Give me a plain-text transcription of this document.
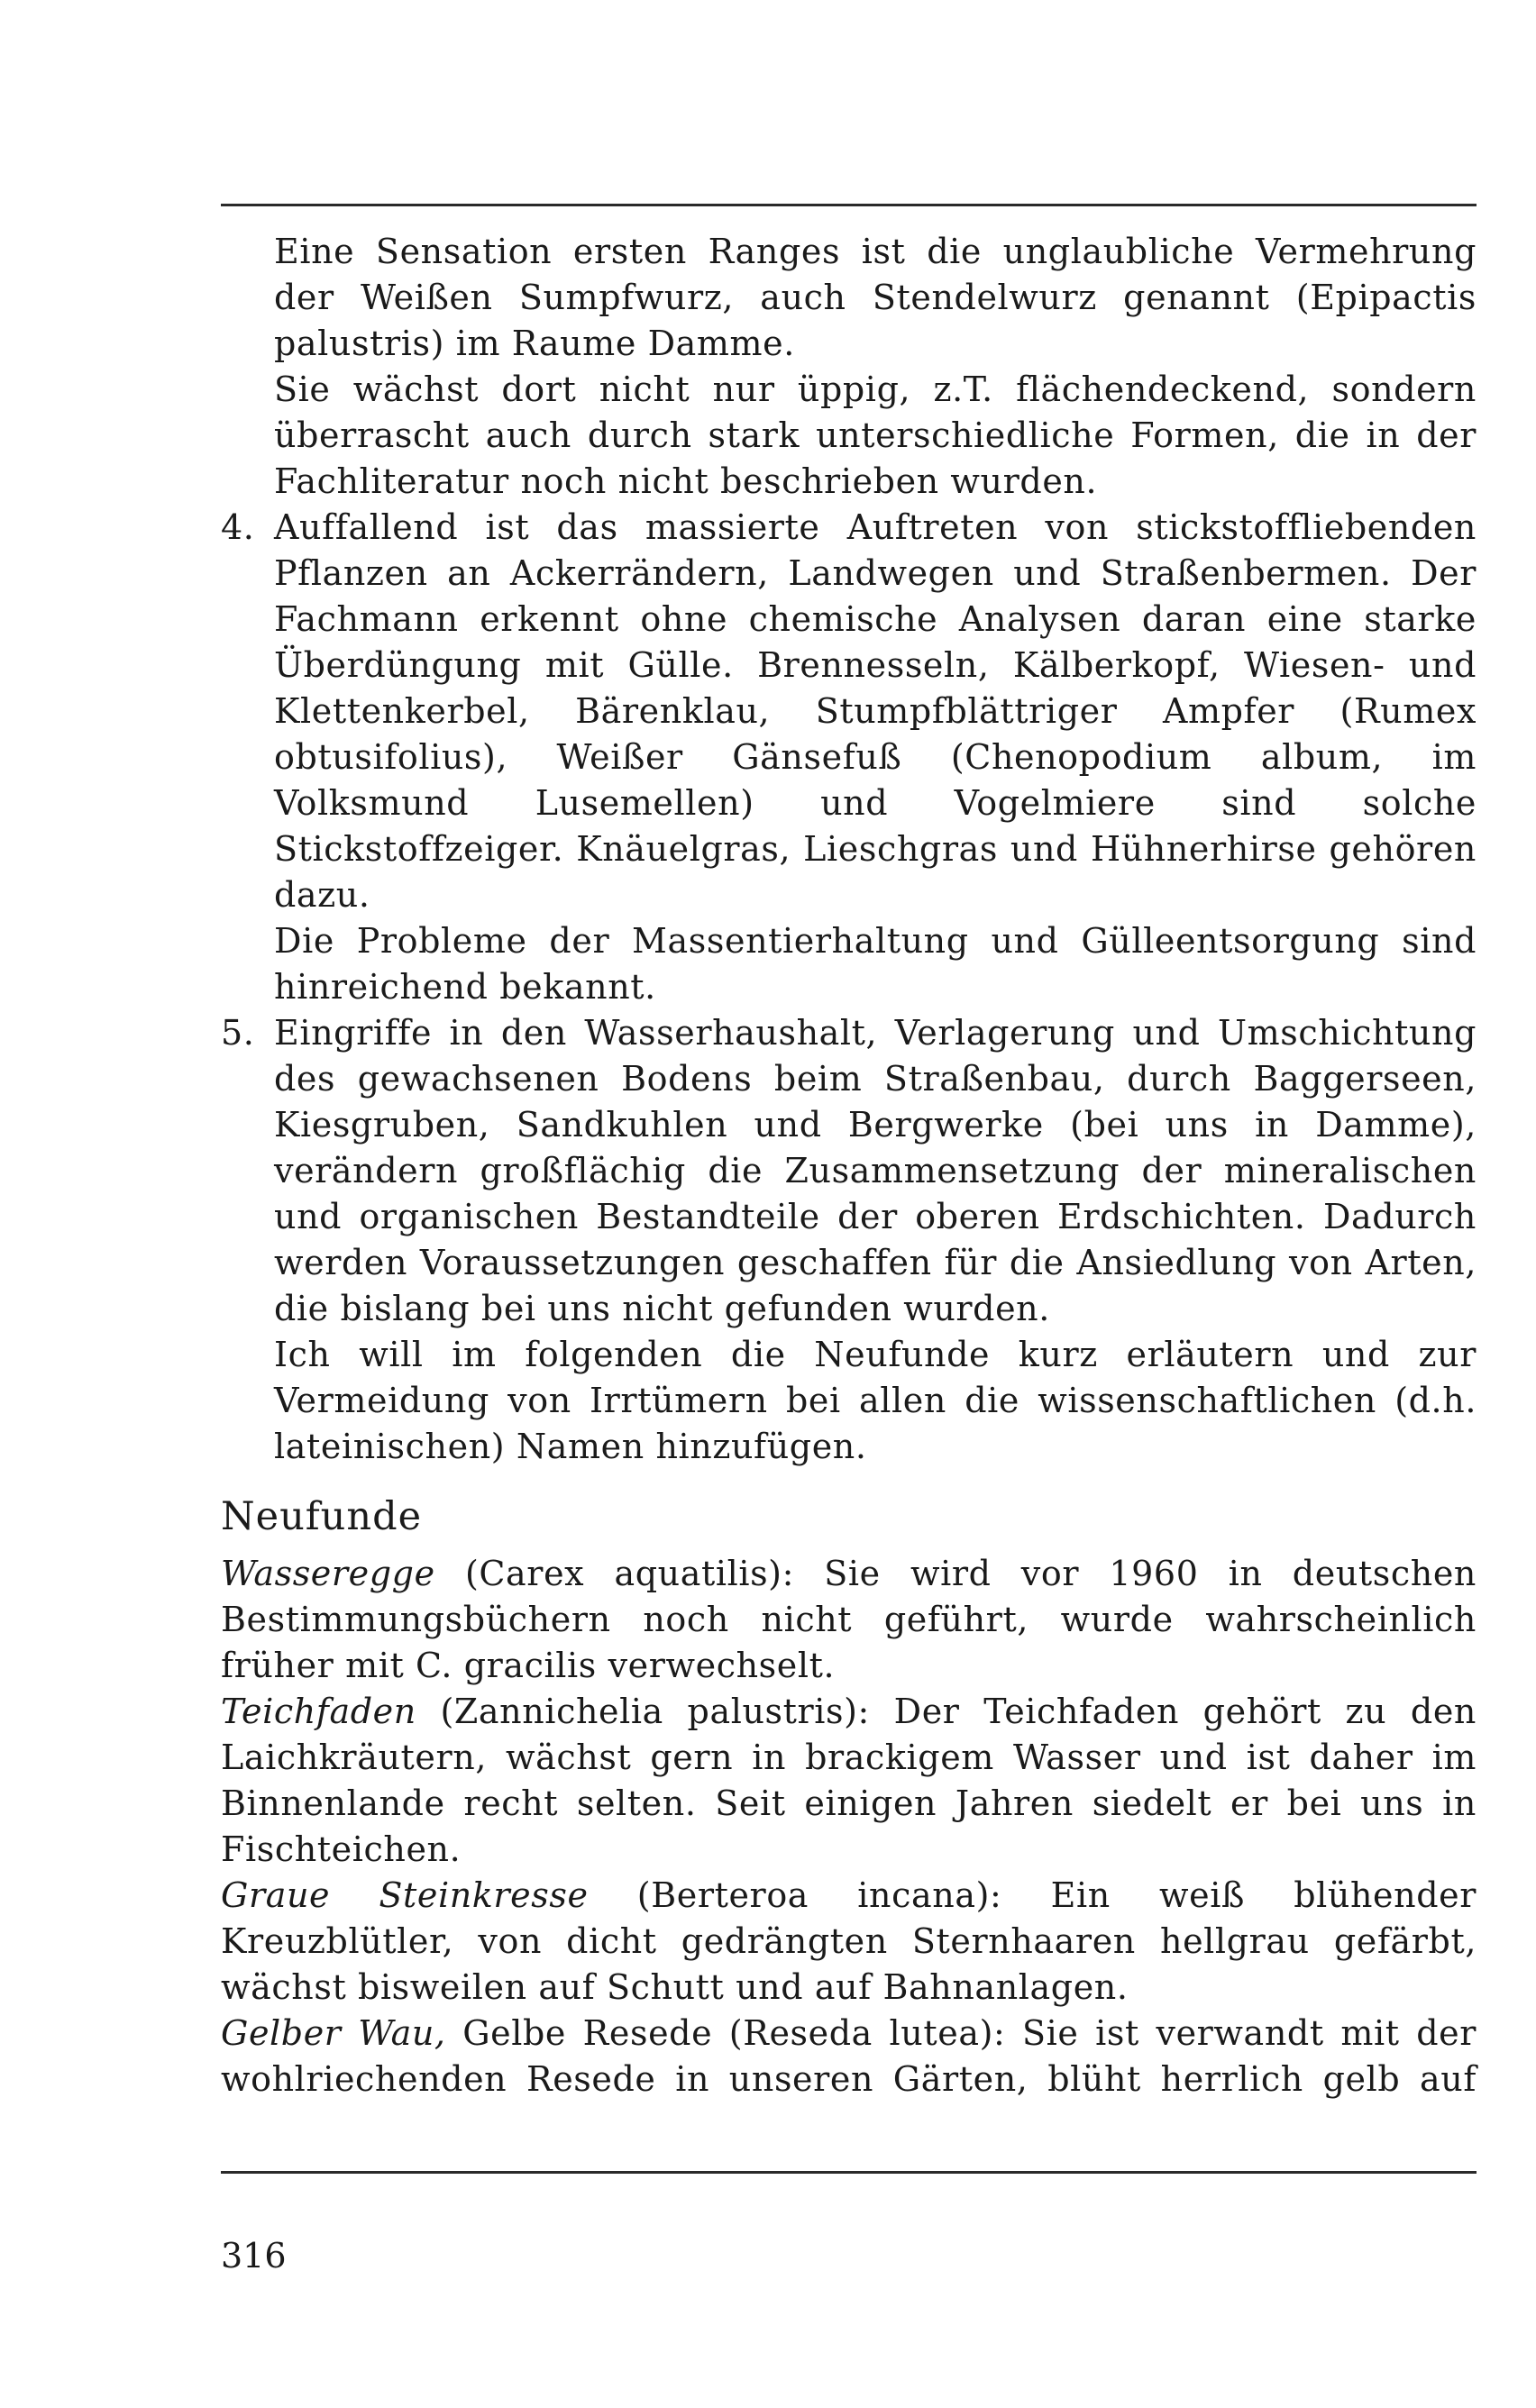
Eine Sensation ersten Ranges ist die unglaubliche Vermehrung der Weißen Sumpfwurz, auch Stendelwurz genannt (Epipactis palustris) im Raume Damme.

Sie wächst dort nicht nur üppig, z.T. flächendeckend, sondern überrascht auch durch stark unterschiedliche Formen, die in der Fachliteratur noch nicht beschrieben wurden.

4. Auffallend ist das massierte Auftreten von stickstoffliebenden Pflanzen an Ackerrändern, Landwegen und Straßenbermen. Der Fachmann erkennt ohne chemische Analysen daran eine starke Überdüngung mit Gülle. Brennesseln, Kälberkopf, Wiesen- und Klettenkerbel, Bärenklau, Stumpfblättriger Ampfer (Rumex obtusifolius), Weißer Gänsefuß (Chenopodium album, im Volksmund Lusemellen) und Vogelmiere sind solche Stickstoffzeiger. Knäuelgras, Lieschgras und Hühnerhirse gehören dazu.

Die Probleme der Massentierhaltung und Gülleentsorgung sind hinreichend bekannt.

5. Eingriffe in den Wasserhaushalt, Verlagerung und Umschichtung des gewachsenen Bodens beim Straßenbau, durch Baggerseen, Kiesgruben, Sandkuhlen und Bergwerke (bei uns in Damme), verändern großflächig die Zusammensetzung der mineralischen und organischen Bestandteile der oberen Erdschichten. Dadurch werden Voraussetzungen geschaffen für die Ansiedlung von Arten, die bislang bei uns nicht gefunden wurden.

Ich will im folgenden die Neufunde kurz erläutern und zur Vermeidung von Irrtümern bei allen die wissenschaftlichen (d.h. lateinischen) Namen hinzufügen.

Neufunde

Wasseregge (Carex aquatilis): Sie wird vor 1960 in deutschen Bestimmungsbüchern noch nicht geführt, wurde wahrscheinlich früher mit C. gracilis verwechselt.

Teichfaden (Zannichelia palustris): Der Teichfaden gehört zu den Laichkräutern, wächst gern in brackigem Wasser und ist daher im Binnenlande recht selten. Seit einigen Jahren siedelt er bei uns in Fischteichen.

Graue Steinkresse (Berteroa incana): Ein weiß blühender Kreuzblütler, von dicht gedrängten Sternhaaren hellgrau gefärbt, wächst bisweilen auf Schutt und auf Bahnanlagen.

Gelber Wau, Gelbe Resede (Reseda lutea): Sie ist verwandt mit der wohlriechenden Resede in unseren Gärten, blüht herrlich gelb auf

316
